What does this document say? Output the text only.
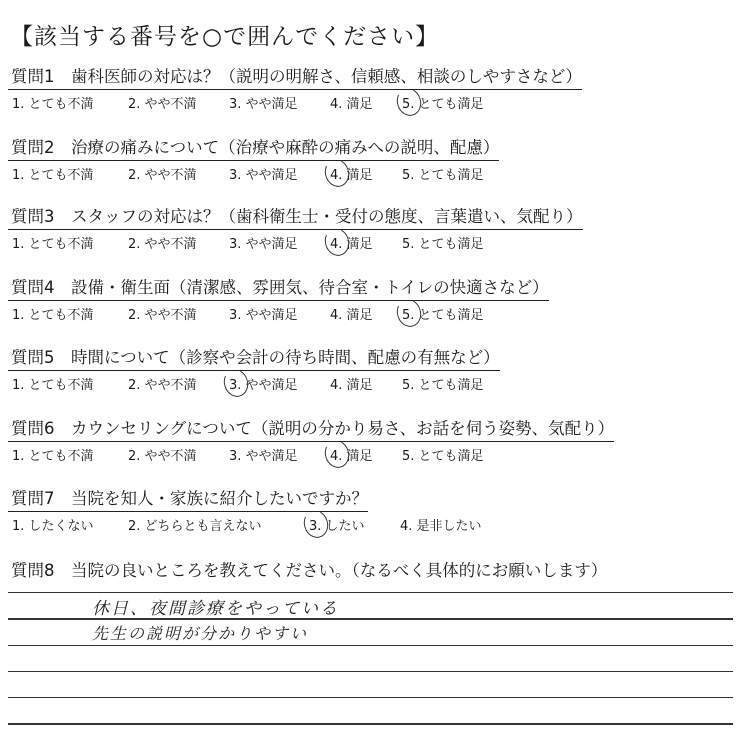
【該当する番号を○で囲んでください】
質問1　歯科医師の対応は？（説明の明解さ、信頼感、相談のしやすさなど）
1. とても不満	2. やや不満 3. やや満足 4. 満足 5. とても満足
質問2　治療の痛みについて（治療や麻酔の痛みへの説明、配慮）
1. とても不満	2. やや不満 3. やや満足 4. 満足 5. とても満足
質問3　スタッフの対応は？（歯科衛生士・受付の態度、言葉遣い、気配り）
1. とても不満	2. やや不満 3. やや満足 4. 満足 5. とても満足
質問4　設備・衛生面（清潔感、雰囲気、待合室・トイレの快適さなど）
1. とても不満	2. やや不満 3. やや満足 4. 満足 5. とても満足
質問5　時間について（診察や会計の待ち時間、配慮の有無など）
1. とても不満	2. やや不満 3. やや満足 4. 満足 5. とても満足
質問6　カウンセリングについて（説明の分かり易さ、お話を伺う姿勢、気配り）
1. とても不満	2. やや不満 3. やや満足 4. 満足 5. とても満足
質問7　当院を知人・家族に紹介したいですか？
1. したくない	2. どちらとも言えない	3. したい	4. 是非したい
質問8　当院の良いところを教えてください。（なるべく具体的にお願いします）
休日、夜間診療をやっている
先生の説明が分かりやすい
